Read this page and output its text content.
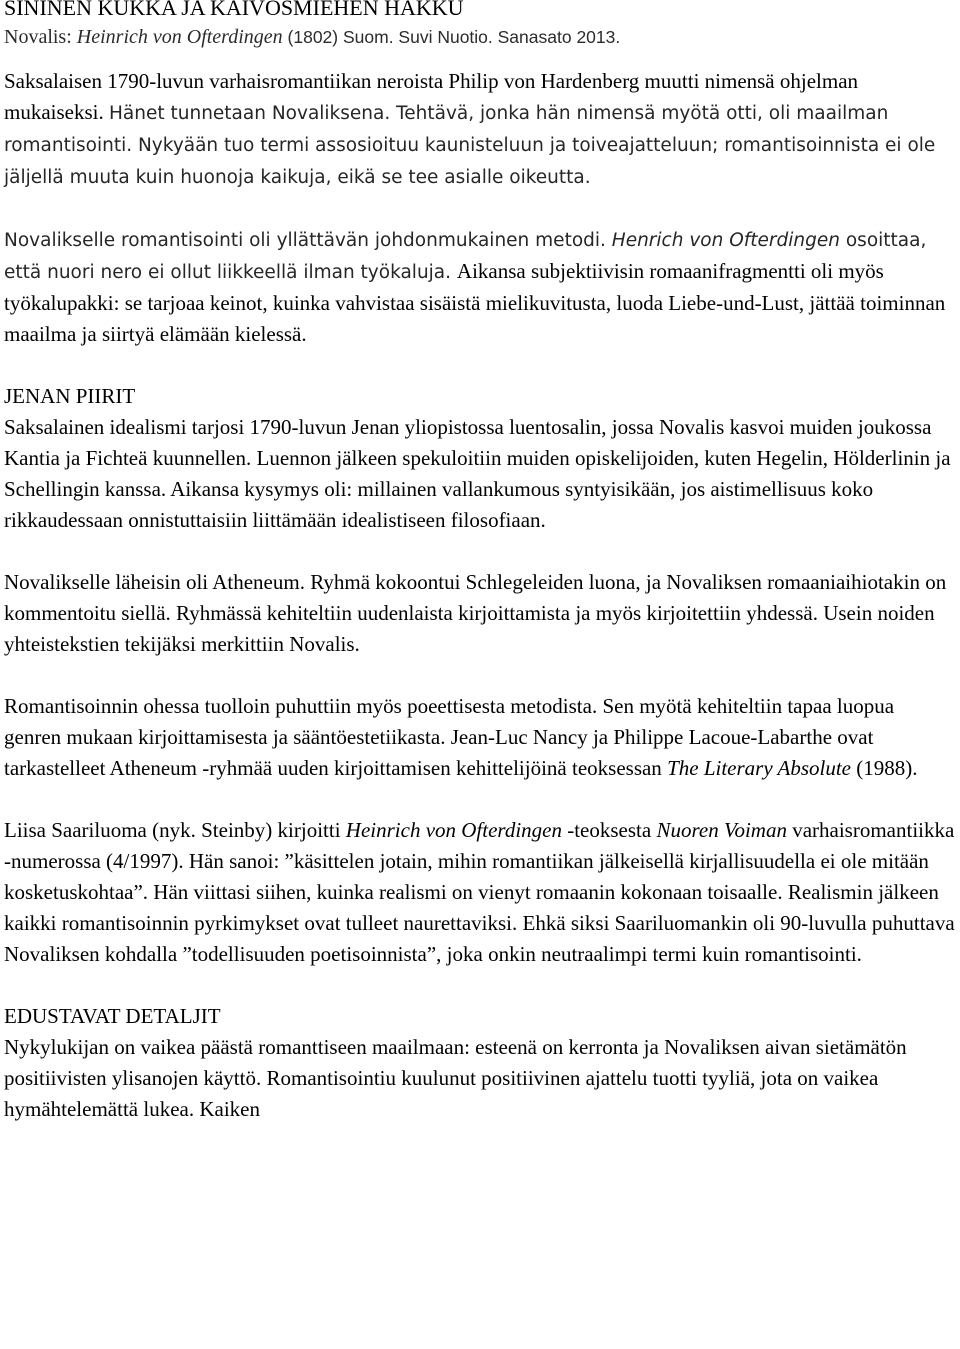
SININEN KUKKA JA KAIVOSMIEHEN HAKKU
Novalis: Heinrich von Ofterdingen (1802) Suom. Suvi Nuotio. Sanasato 2013.

Saksalaisen 1790-luvun varhaisromantiikan neroista Philip von Hardenberg muutti nimensä ohjelman mukaiseksi. Hänet tunnetaan Novaliksena. Tehtävä, jonka hän nimensä myötä otti, oli maailman romantisointi. Nykyään tuo termi assosioituu kaunisteluun ja toiveajatteluun; romantisoinnista ei ole jäljellä muuta kuin huonoja kaikuja, eikä se tee asialle oikeutta.

Novalikselle romantisointi oli yllättävän johdonmukainen metodi. Henrich von Ofterdingen osoittaa, että nuori nero ei ollut liikkeellä ilman työkaluja. Aikansa subjektiivisin romaanifragmentti oli myös työkalupakki: se tarjoaa keinot, kuinka vahvistaa sisäistä mielikuvitusta, luoda Liebe-und-Lust, jättää toiminnan maailma ja siirtyä elämään kielessä.

JENAN PIIRIT

Saksalainen idealismi tarjosi 1790-luvun Jenan yliopistossa luentosalin, jossa Novalis kasvoi muiden joukossa Kantia ja Fichteä kuunnellen. Luennon jälkeen spekuloitiin muiden opiskelijoiden, kuten Hegelin, Hölderlinin ja Schellingin kanssa. Aikansa kysymys oli: millainen vallankumous syntyisikään, jos aistimellisuus koko rikkaudessaan onnistuttaisiin liittämään idealistiseen filosofiaan.

Novalikselle läheisin oli Atheneum. Ryhmä kokoontui Schlegeleiden luona, ja Novaliksen romaaniaihiotakin on kommentoitu siellä. Ryhmässä kehiteltiin uudenlaista kirjoittamista ja myös kirjoitettiin yhdessä. Usein noiden yhteistekstien tekijäksi merkittiin Novalis.

Romantisoinnin ohessa tuolloin puhuttiin myös poeettisesta metodista. Sen myötä kehiteltiin tapaa luopua genren mukaan kirjoittamisesta ja sääntöestetiikasta. Jean-Luc Nancy ja Philippe Lacoue-Labarthe ovat tarkastelleet Atheneum -ryhmää uuden kirjoittamisen kehittelijöinä teoksessan The Literary Absolute (1988).

Liisa Saariluoma (nyk. Steinby) kirjoitti Heinrich von Ofterdingen -teoksesta Nuoren Voiman varhaisromantiikka -numerossa (4/1997). Hän sanoi: ”käsittelen jotain, mihin romantiikan jälkeisellä kirjallisuudella ei ole mitään kosketuskohtaa”. Hän viittasi siihen, kuinka realismi on vienyt romaanin kokonaan toisaalle. Realismin jälkeen kaikki romantisoinnin pyrkimykset ovat tulleet naurettaviksi. Ehkä siksi Saariluomankin oli 90-luvulla puhuttava Novaliksen kohdalla ”todellisuuden poetisoinnista”, joka onkin neutraalimpi termi kuin romantisointi.

EDUSTAVAT DETALJIT

Nykylukijan on vaikea päästä romanttiseen maailmaan: esteenä on kerronta ja Novaliksen aivan sietämätön positiivisten ylisanojen käyttö. Romantisointiu kuulunut positiivinen ajattelu tuotti tyyliä, jota on vaikea hymähtelemättä lukea. Kaiken
